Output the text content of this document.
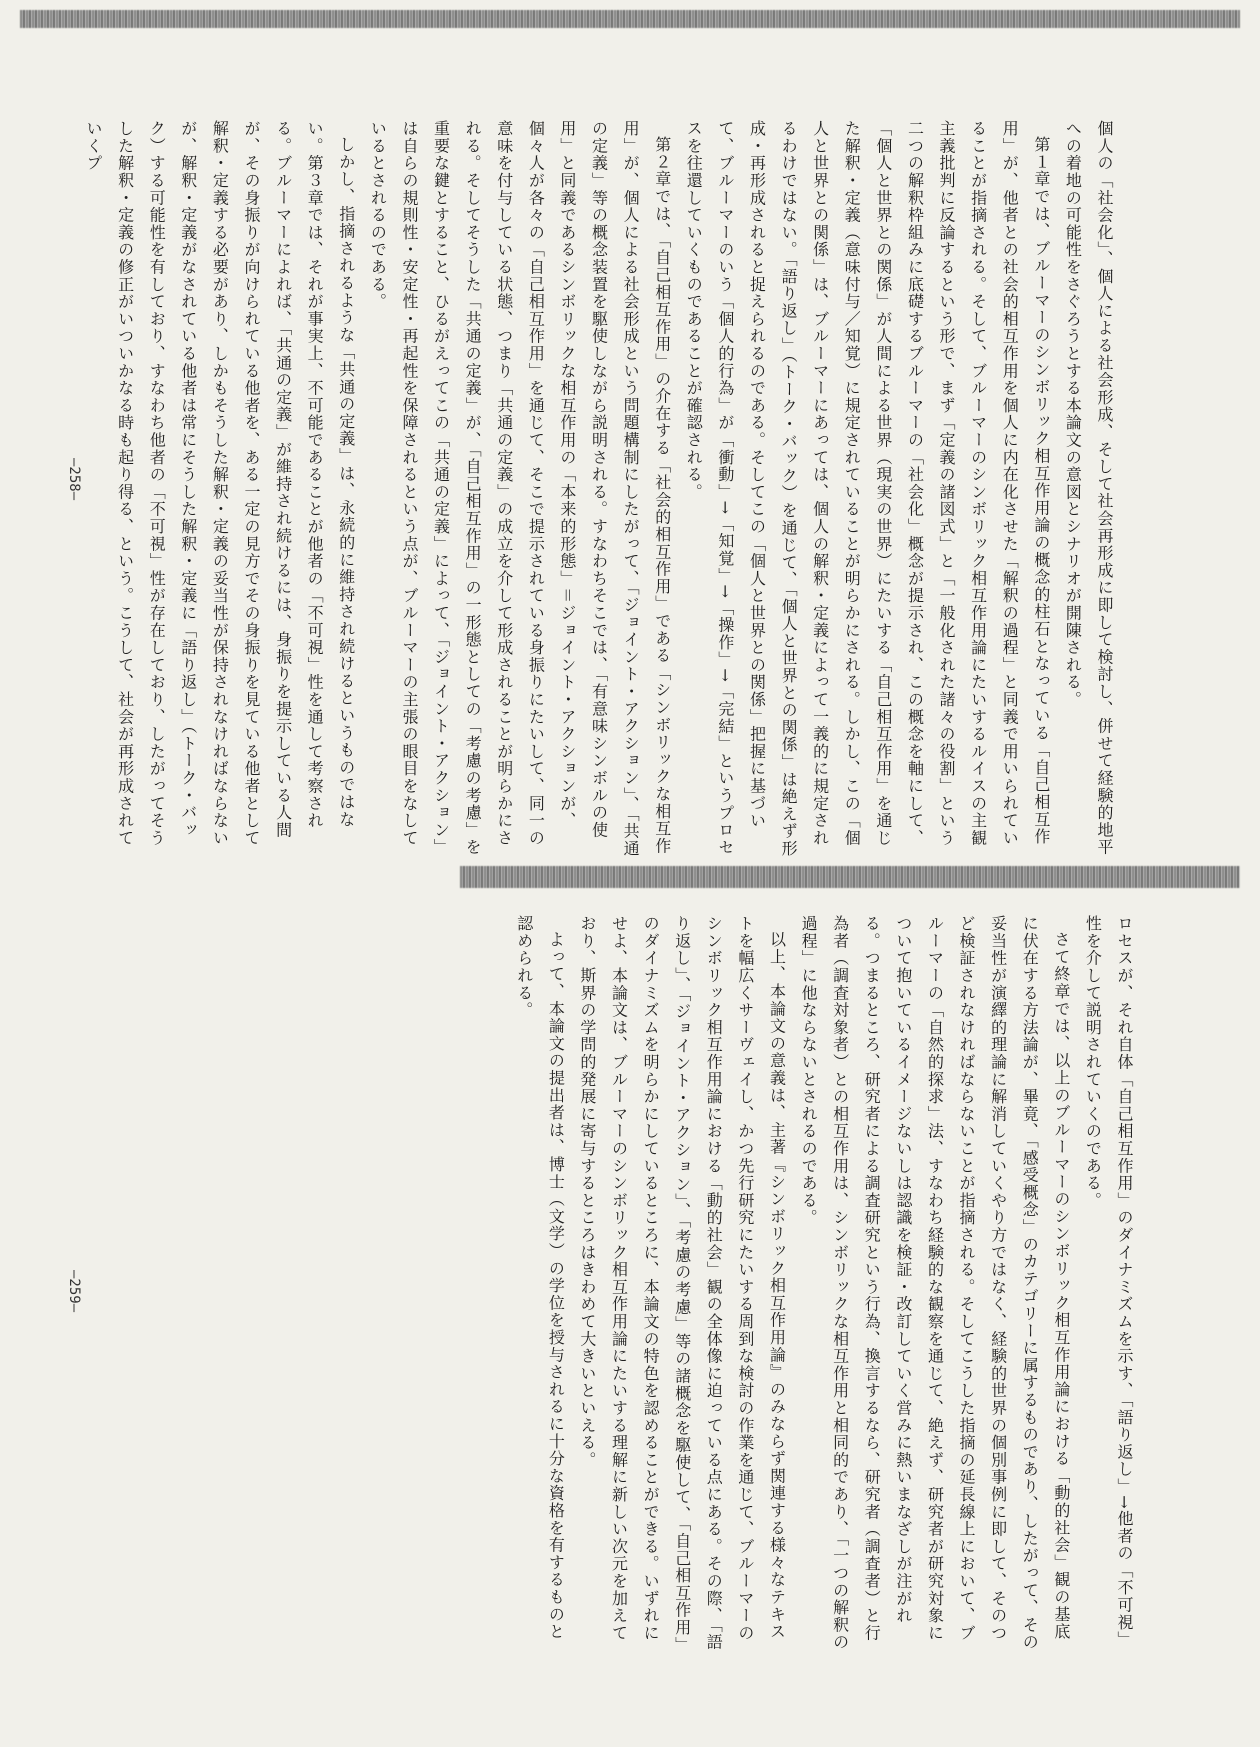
個人の「社会化」、個人による社会形成、そして社会再形成に即して検討し、併せて経験的地平への着地の可能性をさぐろうとする本論文の意図とシナリオが開陳される。

第１章では、ブルーマーのシンボリック相互作用論の概念的柱石となっている「自己相互作用」が、他者との社会的相互作用を個人に内在化させた「解釈の過程」と同義で用いられていることが指摘される。そして、ブルーマーのシンボリック相互作用論にたいするルイスの主観主義批判に反論するという形で、まず「定義の諸図式」と「一般化された諸々の役割」という二つの解釈枠組みに底礎するブルーマーの「社会化」概念が提示され、この概念を軸にして、「個人と世界との関係」が人間による世界（現実の世界）にたいする「自己相互作用」を通じた解釈・定義（意味付与／知覚）に規定されていることが明らかにされる。しかし、この「個人と世界との関係」は、ブルーマーにあっては、個人の解釈・定義によって一義的に規定されるわけではない。「語り返し」（トーク・バック）を通じて、「個人と世界との関係」は絶えず形成・再形成されると捉えられるのである。そしてこの「個人と世界との関係」把握に基づいて、ブルーマーのいう「個人的行為」が「衝動」→「知覚」→「操作」→「完結」というプロセスを往還していくものであることが確認される。

第２章では、「自己相互作用」の介在する「社会的相互作用」である「シンボリックな相互作用」が、個人による社会形成という問題構制にしたがって、「ジョイント・アクション」、「共通の定義」等の概念装置を駆使しながら説明される。すなわちそこでは、「有意味シンボルの使用」と同義であるシンボリックな相互作用の「本来的形態」＝ジョイント・アクションが、個々人が各々の「自己相互作用」を通じて、そこで提示されている身振りにたいして、同一の意味を付与している状態、つまり「共通の定義」の成立を介して形成されることが明らかにされる。そしてそうした「共通の定義」が、「自己相互作用」の一形態としての「考慮の考慮」を重要な鍵とすること、ひるがえってこの「共通の定義」によって、「ジョイント・アクション」は自らの規則性・安定性・再起性を保障されるという点が、ブルーマーの主張の眼目をなしているとされるのである。

しかし、指摘されるような「共通の定義」は、永続的に維持され続けるというものではない。第３章では、それが事実上、不可能であることが他者の「不可視」性を通して考察される。ブルーマーによれば、「共通の定義」が維持され続けるには、身振りを提示している人間が、その身振りが向けられている他者を、ある一定の見方でその身振りを見ている他者として解釈・定義する必要があり、しかもそうした解釈・定義の妥当性が保持されなければならないが、解釈・定義がなされている他者は常にそうした解釈・定義に「語り返し」（トーク・バック）する可能性を有しており、すなわち他者の「不可視」性が存在しており、したがってそうした解釈・定義の修正がいついかなる時も起り得る、という。こうして、社会が再形成されていくプ

ロセスが、それ自体「自己相互作用」のダイナミズムを示す、「語り返し」→他者の「不可視」性を介して説明されていくのである。

さて終章では、以上のブルーマーのシンボリック相互作用論における「動的社会」観の基底に伏在する方法論が、畢竟、「感受概念」のカテゴリーに属するものであり、したがって、その妥当性が演繹的理論に解消していくやり方ではなく、経験的世界の個別事例に即して、そのつど検証されなければならないことが指摘される。そしてこうした指摘の延長線上において、ブルーマーの「自然的探求」法、すなわち経験的な観察を通じて、絶えず、研究者が研究対象について抱いているイメージないしは認識を検証・改訂していく営みに熱いまなざしが注がれる。つまるところ、研究者による調査研究という行為、換言するなら、研究者（調査者）と行為者（調査対象者）との相互作用は、シンボリックな相互作用と相同的であり、「一つの解釈の過程」に他ならないとされるのである。

以上、本論文の意義は、主著『シンボリック相互作用論』のみならず関連する様々なテキストを幅広くサーヴェイし、かつ先行研究にたいする周到な検討の作業を通じて、ブルーマーのシンボリック相互作用論における「動的社会」観の全体像に迫っている点にある。その際、「語り返し」、「ジョイント・アクション」、「考慮の考慮」等の諸概念を駆使して、「自己相互作用」のダイナミズムを明らかにしているところに、本論文の特色を認めることができる。いずれにせよ、本論文は、ブルーマーのシンボリック相互作用論にたいする理解に新しい次元を加えており、斯界の学問的発展に寄与するところはきわめて大きいといえる。

よって、本論文の提出者は、博士（文学）の学位を授与されるに十分な資格を有するものと認められる。

—258—
—259—
